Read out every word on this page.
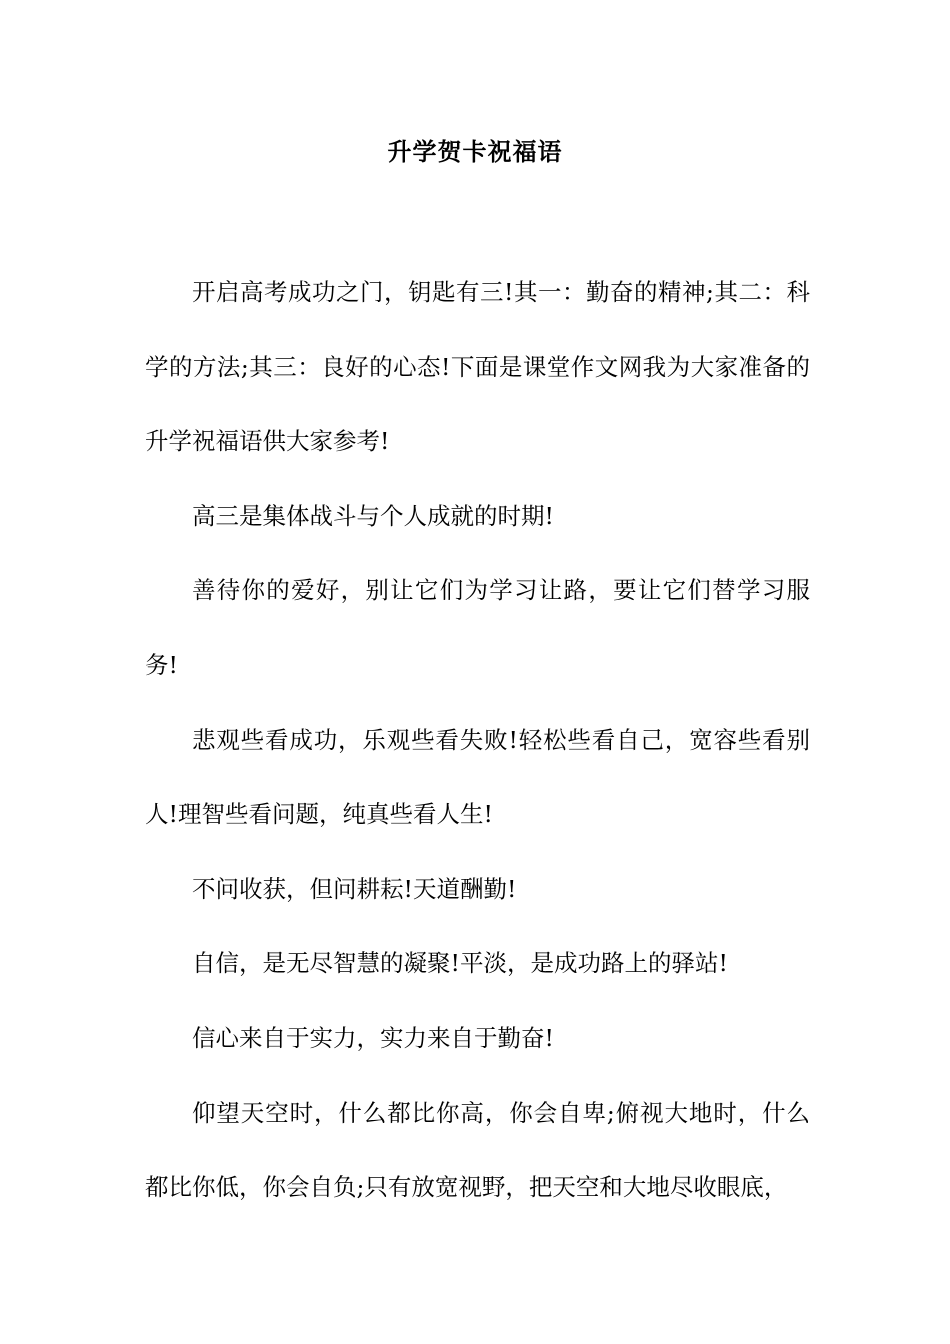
升学贺卡祝福语

开启高考成功之门，钥匙有三!其一：勤奋的精神;其二：科学的方法;其三：良好的心态!下面是课堂作文网我为大家准备的升学祝福语供大家参考!

高三是集体战斗与个人成就的时期!

善待你的爱好，别让它们为学习让路，要让它们替学习服务!

悲观些看成功，乐观些看失败!轻松些看自己，宽容些看别人!理智些看问题，纯真些看人生!

不问收获，但问耕耘!天道酬勤!

自信，是无尽智慧的凝聚!平淡，是成功路上的驿站!

信心来自于实力，实力来自于勤奋!

仰望天空时，什么都比你高，你会自卑;俯视大地时，什么都比你低，你会自负;只有放宽视野，把天空和大地尽收眼底，
